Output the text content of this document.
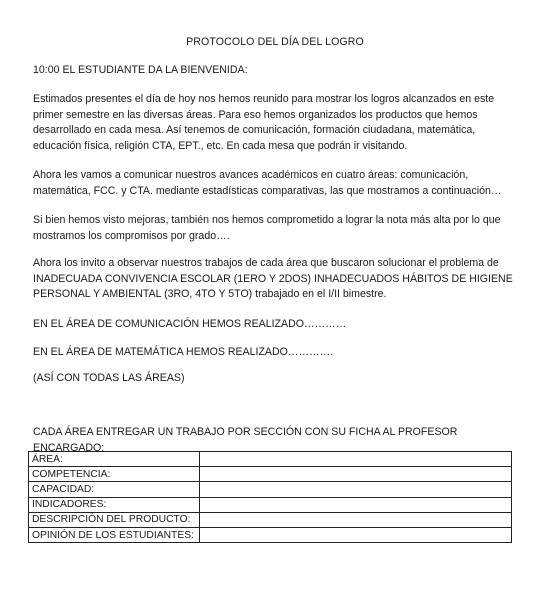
PROTOCOLO DEL DÍA DEL LOGRO

10:00 EL ESTUDIANTE DA LA BIENVENIDA:

Estimados presentes el día de hoy nos hemos reunido para mostrar los logros alcanzados en este primer semestre en las diversas áreas. Para eso hemos organizados los productos que hemos desarrollado en cada mesa. Así tenemos de comunicación, formación ciudadana, matemática, educación física, religión CTA, EPT., etc. En cada mesa que podrán ir visitando.

Ahora les vamos a comunicar nuestros avances académicos en cuatro áreas: comunicación, matemática, FCC. y CTA. mediante estadísticas comparativas, las que mostramos a continuación…

Si bien hemos visto mejoras, también nos hemos comprometido a lograr la nota más alta por lo que mostramos los compromisos por grado….

Ahora los invito a observar nuestros trabajos de cada área que buscaron solucionar el problema de INADECUADA CONVIVENCIA ESCOLAR (1ERO Y 2DOS) INHADECUADOS HÁBITOS DE HIGIENE PERSONAL Y AMBIENTAL (3RO, 4TO Y 5TO) trabajado en el I/II bimestre.

EN EL ÁREA DE COMUNICACIÓN HEMOS REALIZADO…………

EN EL ÁREA DE MATEMÁTICA HEMOS REALIZADO………….

(ASÍ CON TODAS LAS ÁREAS)

CADA ÁREA ENTREGAR UN TRABAJO POR SECCIÓN CON SU FICHA AL PROFESOR ENCARGADO:

ÁREA:	
COMPETENCIA:	
CAPACIDAD:	
INDICADORES:	
DESCRIPCIÓN DEL PRODUCTO:	
OPINIÓN DE LOS ESTUDIANTES:	
